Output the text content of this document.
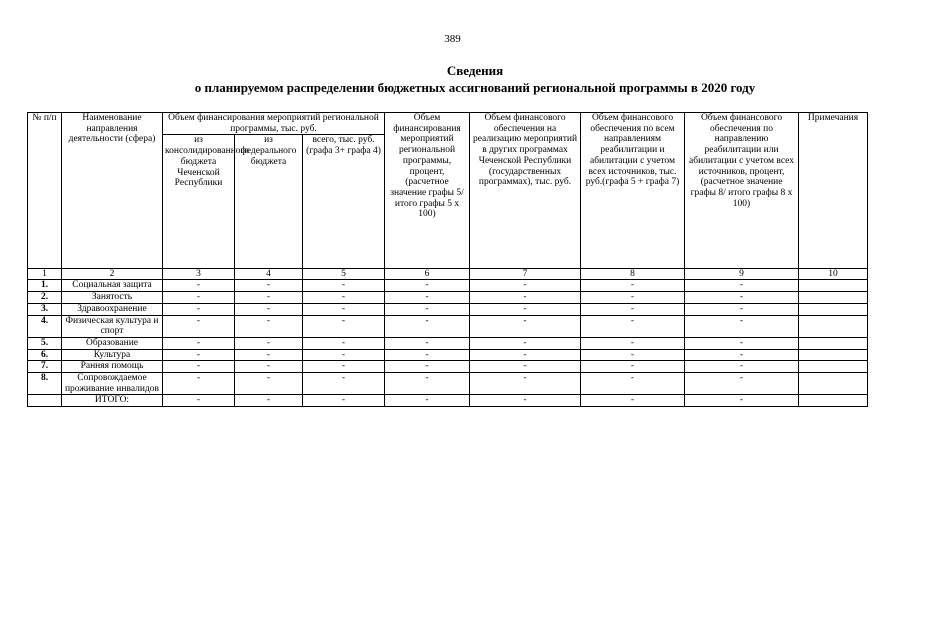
389
Сведения
о планируемом распределении бюджетных ассигнований региональной программы в 2020 году
№ п/п	Наименование направления деятельности (сфера)	Объем финансирования мероприятий региональной программы, тыс. руб.			Объем финансирования мероприятий региональной программы, процент, (расчетное значение графы 5/ итого графы 5 х 100)	Объем финансового обеспечения на реализацию мероприятий в других программах Чеченской Республики (государственных программах), тыс. руб.	Объем финансового обеспечения по всем направлениям реабилитации и абилитации с учетом всех источников, тыс. руб.(графа 5 + графа 7)	Объем финансового обеспечения по направлению реабилитации или абилитации с учетом всех источников, процент, (расчетное значение графы 8/ итого графы 8 х 100)	Примечания
		из консолидированного бюджета Чеченской Республики	из федерального бюджета	всего, тыс. руб. (графа 3+ графа 4)					
1	2	3	4	5	6	7	8	9	10
1.	Социальная защита	-	-	-	-	-	-	-	
2.	Занятость	-	-	-	-	-	-	-	
3.	Здравоохранение	-	-	-	-	-	-	-	
4.	Физическая культура и спорт	-	-	-	-	-	-	-	
5.	Образование	-	-	-	-	-	-	-	
6.	Культура	-	-	-	-	-	-	-	
7.	Ранняя помощь	-	-	-	-	-	-	-	
8.	Сопровождаемое проживание инвалидов	-	-	-	-	-	-	-	
	ИТОГО:	-	-	-	-	-	-	-	
